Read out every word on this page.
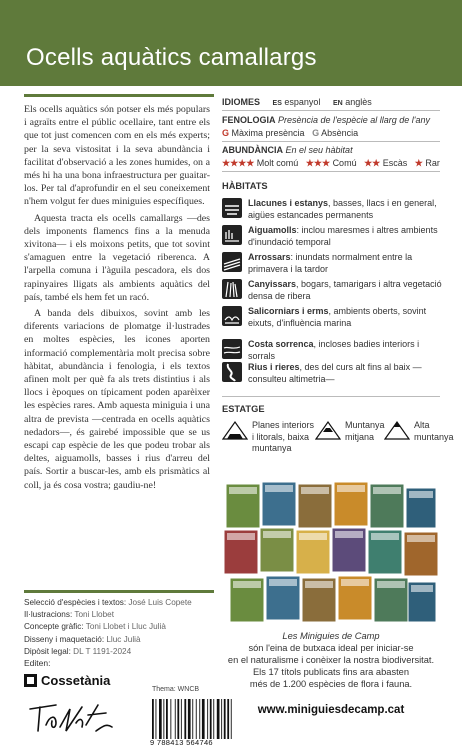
Ocells aquàtics camallargs

Els ocells aquàtics són potser els més populars i agraïts entre el públic ocellaire, tant entre els que tot just comencen com en els més experts; per la seva vistositat i la seva abundància i facilitat d'observació a les zones humides, on a més hi ha una bona infraestructura per guaitar-los. Per tal d'aprofundir en el seu coneixement n'hem volgut fer dues miniguies específiques.

Aquesta tracta els ocells camallargs —des dels imponents flamencs fins a la menuda xivitona— i els moixons petits, que tot sovint s'amaguen entre la vegetació riberenca. A l'arpella comuna i l'àguila pescadora, els dos rapinyaires lligats als ambients aquàtics del país, també els hem fet un racó.

A banda dels dibuixos, sovint amb les diferents variacions de plomatge il·lustrades en moltes espècies, les icones aporten informació complementària molt precisa sobre hàbitat, abundància i fenologia, i els textos afinen molt per què fa als trets distintius i als llocs i èpoques on típicament poden aparèixer les espècies rares. Amb aquesta miniguia i una altra de prevista —centrada en ocells aquàtics nedadors—, és gairebé impossible que se us escapi cap espècie de les que podeu trobar als deltes, aiguamolls, basses i rius d'arreu del país. Sortir a buscar-les, amb els prismàtics al coll, ja és cosa vostra; gaudiu-ne!

Selecció d'espècies i textos: José Luis Copete
Il·lustracions: Toni Llobet
Concepte gràfic: Toni Llobet i Lluc Julià
Disseny i maquetació: Lluc Julià
Dipòsit legal: DL T 1191-2024
Editen:
Cossetània
Thema: WNCB
9 788413 564746
IDIOMES ES espanyol EN anglès
FENOLOGIA Presència de l'espècie al llarg de l'any
G Màxima presència G Absència
ABUNDÀNCIA En el seu hàbitat
★★★★ Molt comú ★★★ Comú ★★ Escàs ★ Rar
HÀBITATS
Llacunes i estanys, basses, llacs i en general, aigües estancades permanents
Aiguamolls: inclou maresmes i altres ambients d'inundació temporal
Arrossars: inundats normalment entre la primavera i la tardor
Canyissars, bogars, tamarigars i altra vegetació densa de ribera
Salicorniars i erms, ambients oberts, sovint eixuts, d'influència marina
Costa sorrenca, incloses badies interiors i sorrals
Rius i rieres, des del curs alt fins al baix —consulteu altimetria—
ESTATGE
Planes interiors
i litorals, baixa
muntanya
Muntanya
mitjana
Alta
muntanya
Les Miniguies de Camp
són l'eina de butxaca ideal per iniciar-se
en el naturalisme i conèixer la nostra biodiversitat.
Els 17 títols publicats fins ara abasten
més de 1.200 espècies de flora i fauna.
www.miniguiesdecamp.cat
